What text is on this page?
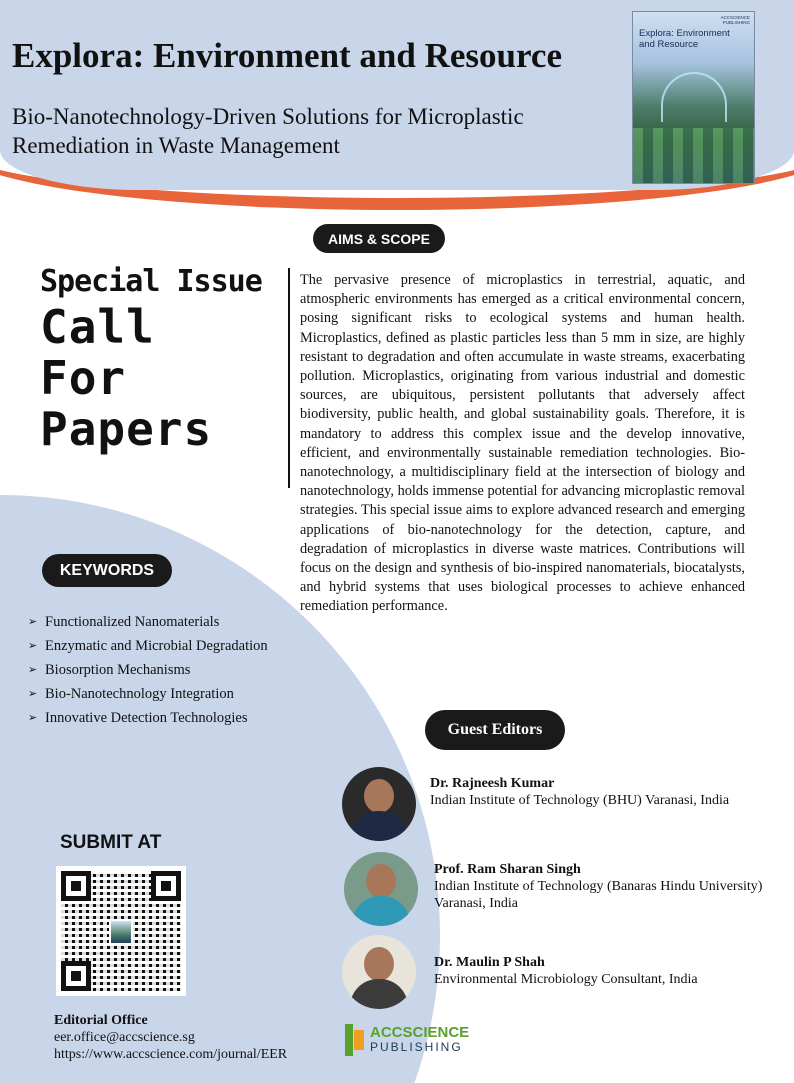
Explora: Environment and Resource
Bio-Nanotechnology-Driven Solutions for Microplastic
Remediation in Waste Management
ACCSCIENCE
PUBLISHING
Explora: Environment
and Resource
AIMS & SCOPE
Special Issue
Call
For
Papers

The pervasive presence of microplastics in terrestrial, aquatic, and atmospheric environments has emerged as a critical environmental concern, posing significant risks to ecological systems and human health. Microplastics, defined as plastic particles less than 5 mm in size, are highly resistant to degradation and often accumulate in waste streams, exacerbating pollution. Microplastics, originating from various industrial and domestic sources, are ubiquitous, persistent pollutants that adversely affect biodiversity, public health, and global sustainability goals. Therefore, it is mandatory to address this complex issue and the develop innovative, efficient, and environmentally sustainable remediation technologies. Bio-nanotechnology, a multidisciplinary field at the intersection of biology and nanotechnology, holds immense potential for advancing microplastic removal strategies. This special issue aims to explore advanced research and emerging applications of bio-nanotechnology for the detection, capture, and degradation of microplastics in diverse waste matrices. Contributions will focus on the design and synthesis of bio-inspired nanomaterials, biocatalysts, and hybrid systems that uses biological processes to achieve enhanced remediation performance.

KEYWORDS
➢ Functionalized Nanomaterials
➢ Enzymatic and Microbial Degradation
➢ Biosorption Mechanisms
➢ Bio-Nanotechnology Integration
➢ Innovative Detection Technologies
SUBMIT AT
Editorial Office
eer.office@accscience.sg
https://www.accscience.com/journal/EER
Guest Editors
Dr. Rajneesh Kumar
Indian Institute of Technology (BHU) Varanasi, India
Prof. Ram Sharan Singh
Indian Institute of Technology (Banaras Hindu University) Varanasi, India
Dr. Maulin P Shah
Environmental Microbiology Consultant, India
ACCSCIENCE
PUBLISHING
